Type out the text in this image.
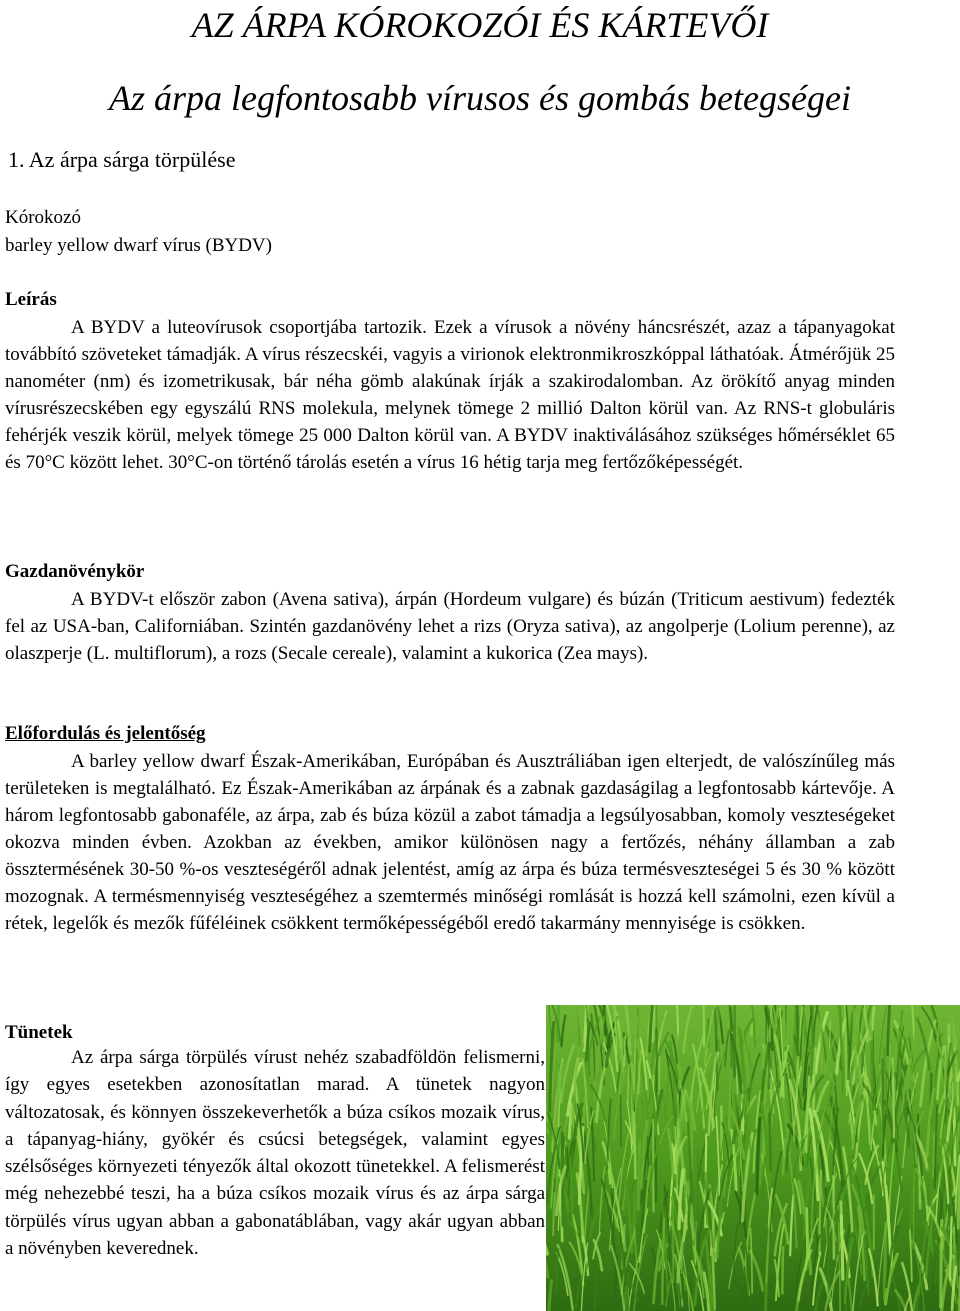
AZ ÁRPA KÓROKOZÓI ÉS KÁRTEVŐI
Az árpa legfontosabb vírusos és gombás betegségei
1. Az árpa sárga törpülése
Kórokozó
barley yellow dwarf vírus (BYDV)
Leírás

A BYDV a luteovírusok csoportjába tartozik. Ezek a vírusok a növény háncsrészét, azaz a tápanyagokat továbbító szöveteket támadják. A vírus részecskéi, vagyis a virionok elektronmikroszkóppal láthatóak. Átmérőjük 25 nanométer (nm) és izometrikusak, bár néha gömb alakúnak írják a szakirodalomban. Az örökítő anyag minden vírusrészecskében egy egyszálú RNS molekula, melynek tömege 2 millió Dalton körül van. Az RNS-t globuláris fehérjék veszik körül, melyek tömege 25 000 Dalton körül van. A BYDV inaktiválásához szükséges hőmérséklet 65 és 70°C között lehet. 30°C-on történő tárolás esetén a vírus 16 hétig tarja meg fertőzőképességét.

Gazdanövénykör

A BYDV-t először zabon (Avena sativa), árpán (Hordeum vulgare) és búzán (Triticum aestivum) fedezték fel az USA-ban, Californiában. Szintén gazdanövény lehet a rizs (Oryza sativa), az angolperje (Lolium perenne), az olaszperje (L. multiflorum), a rozs (Secale cereale), valamint a kukorica (Zea mays).

Előfordulás és jelentőség

A barley yellow dwarf Észak-Amerikában, Európában és Ausztráliában igen elterjedt, de valószínűleg más területeken is megtalálható. Ez Észak-Amerikában az árpának és a zabnak gazdaságilag a legfontosabb kártevője. A három legfontosabb gabonaféle, az árpa, zab és búza közül a zabot támadja a legsúlyosabban, komoly veszteségeket okozva minden évben. Azokban az években, amikor különösen nagy a fertőzés, néhány államban a zab össztermésének 30-50 %-os veszteségéről adnak jelentést, amíg az árpa és búza termésveszteségei 5 és 30 % között mozognak. A termésmennyiség veszteségéhez a szemtermés minőségi romlását is hozzá kell számolni, ezen kívül a rétek, legelők és mezők fűféléinek csökkent termőképességéből eredő takarmány mennyisége is csökken.

Tünetek

Az árpa sárga törpülés vírust nehéz szabadföldön felismerni, így egyes esetekben azonosítatlan marad. A tünetek nagyon változatosak, és könnyen összekeverhetők a búza csíkos mozaik vírus, a tápanyag-hiány, gyökér és csúcsi betegségek, valamint egyes szélsőséges környezeti tényezők által okozott tünetekkel. A felismerést még nehezebbé teszi, ha a búza csíkos mozaik vírus és az árpa sárga törpülés vírus ugyan abban a gabonatáblában, vagy akár ugyan abban a növényben keverednek.
